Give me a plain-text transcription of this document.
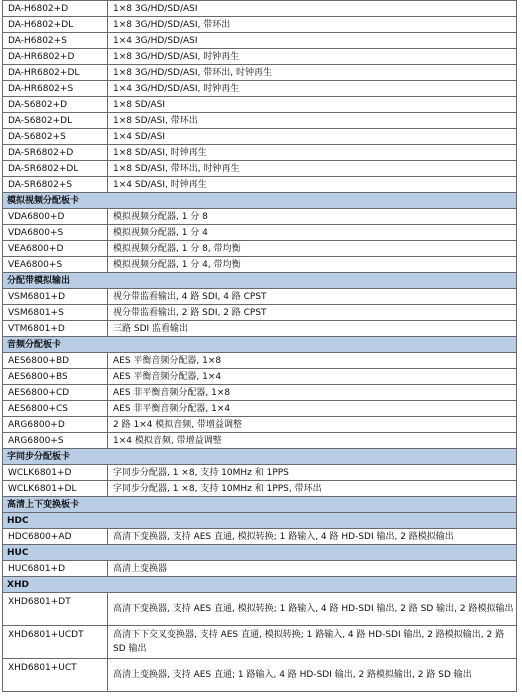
DA-H6802+D	1×8 3G/HD/SD/ASI
DA-H6802+DL	1×8 3G/HD/SD/ASI, 带环出
DA-H6802+S	1×4 3G/HD/SD/ASI
DA-HR6802+D	1×8 3G/HD/SD/ASI, 时钟再生
DA-HR6802+DL	1×8 3G/HD/SD/ASI, 带环出, 时钟再生
DA-HR6802+S	1×4 3G/HD/SD/ASI, 时钟再生
DA-S6802+D	1×8 SD/ASI
DA-S6802+DL	1×8 SD/ASI, 带环出
DA-S6802+S	1×4 SD/ASI
DA-SR6802+D	1×8 SD/ASI, 时钟再生
DA-SR6802+DL	1×8 SD/ASI, 带环出, 时钟再生
DA-SR6802+S	1×4 SD/ASI, 时钟再生
模拟视频分配板卡	
VDA6800+D	模拟视频分配器, 1 分 8
VDA6800+S	模拟视频分配器, 1 分 4
VEA6800+D	模拟视频分配器, 1 分 8, 带均衡
VEA6800+S	模拟视频分配器, 1 分 4, 带均衡
分配带模拟输出	
VSM6801+D	视分带监看输出, 4 路 SDI, 4 路 CPST
VSM6801+S	视分带监看输出, 2 路 SDI, 2 路 CPST
VTM6801+D	三路 SDI 监看输出
音频分配板卡	
AES6800+BD	AES 平衡音频分配器, 1×8
AES6800+BS	AES 平衡音频分配器, 1×4
AES6800+CD	AES 非平衡音频分配器, 1×8
AES6800+CS	AES 非平衡音频分配器, 1×4
ARG6800+D	2 路 1×4 模拟音频, 带增益调整
ARG6800+S	1×4 模拟音频, 带增益调整
字同步分配板卡	
WCLK6801+D	字同步分配器, 1 ×8, 支持 10MHz 和 1PPS
WCLK6801+DL	字同步分配器, 1 ×8, 支持 10MHz 和 1PPS, 带环出
高清上下变换板卡	
HDC	
HDC6800+AD	高清下变换器, 支持 AES 直通, 模拟转换; 1 路输入, 4 路 HD-SDI 输出, 2 路模拟输出
HUC	
HUC6801+D	高清上变换器
XHD	
XHD6801+DT	高清下变换器, 支持 AES 直通, 模拟转换; 1 路输入, 4 路 HD-SDI 输出, 2 路 SD 输出, 2 路模拟输出
XHD6801+UCDT	高清下下交叉变换器, 支持 AES 直通, 模拟转换; 1 路输入, 4 路 HD-SDI 输出, 2 路模拟输出, 2 路 SD 输出
XHD6801+UCT	高清上变换器, 支持 AES 直通; 1 路输入, 4 路 HD-SDI 输出, 2 路模拟输出, 2 路 SD 输出
